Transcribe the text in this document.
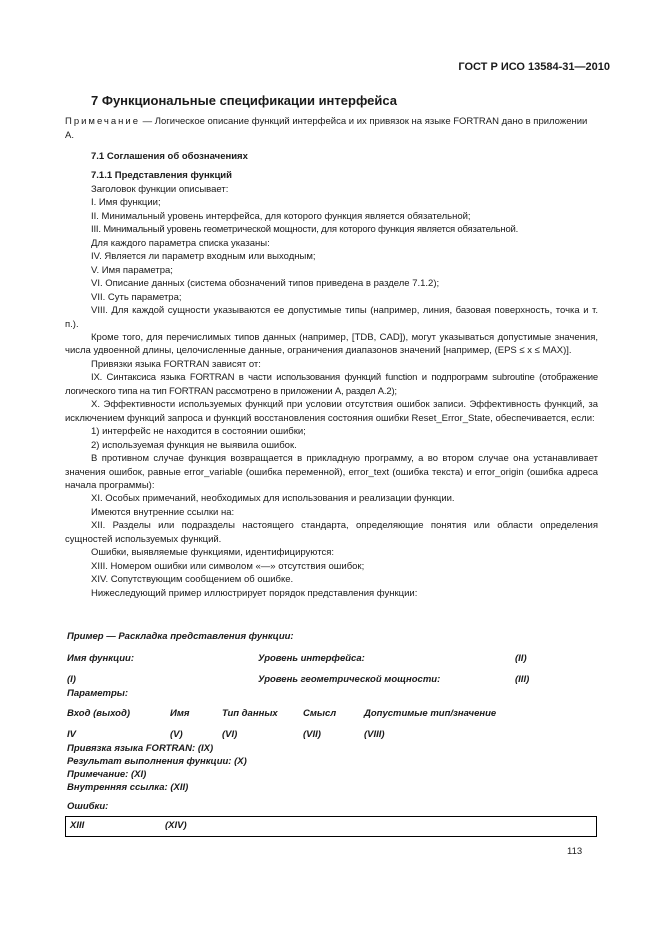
ГОСТ Р ИСО 13584-31—2010
7 Функциональные спецификации интерфейса
Примечание — Логическое описание функций интерфейса и их привязок на языке FORTRAN дано в приложении А.
7.1 Соглашения об обозначениях
7.1.1 Представления функций

Заголовок функции описывает:

I. Имя функции;

II. Минимальный уровень интерфейса, для которого функция является обязательной;

III. Минимальный уровень геометрической мощности, для которого функция является обязательной.

Для каждого параметра списка указаны:

IV. Является ли параметр входным или выходным;

V. Имя параметра;

VI. Описание данных (система обозначений типов приведена в разделе 7.1.2);

VII. Суть параметра;

VIII. Для каждой сущности указываются ее допустимые типы (например, линия, базовая поверхность, точка и т. п.).

Кроме того, для перечислимых типов данных (например, [TDB, CAD]), могут указываться допустимые значения, числа удвоенной длины, целочисленные данные, ограничения диапазонов значений [например, (EPS ≤ x ≤ MAX)].

Привязки языка FORTRAN зависят от:

IX. Синтаксиса языка FORTRAN в части использования функций function и подпрограмм subroutine (отображение логического типа на тип FORTRAN рассмотрено в приложении А, раздел А.2);

X. Эффективности используемых функций при условии отсутствия ошибок записи. Эффективность функций, за исключением функций запроса и функций восстановления состояния ошибки Reset_Error_State, обеспечивается, если:

1) интерфейс не находится в состоянии ошибки;

2) используемая функция не выявила ошибок.

В противном случае функция возвращается в прикладную программу, а во втором случае она устанавливает значения ошибок, равные error_variable (ошибка переменной), error_text (ошибка текста) и error_origin (ошибка адреса начала программы):

XI. Особых примечаний, необходимых для использования и реализации функции.

Имеются внутренние ссылки на:

XII. Разделы или подразделы настоящего стандарта, определяющие понятия или области определения сущностей используемых функций.

Ошибки, выявляемые функциями, идентифицируются:

XIII. Номером ошибки или символом «—» отсутствия ошибок;

XIV. Сопутствующим сообщением об ошибке.

Нижеследующий пример иллюстрирует порядок представления функции:

Пример — Раскладка представления функции:
Имя функции:	Уровень интерфейса:	(II)
(I)	Уровень геометрической мощности:	(III)
Параметры:
Вход (выход)	Имя	Тип данных	Смысл	Допустимые тип/значение
IV	(V)	(VI)	(VII)	(VIII)
Привязка языка FORTRAN: (IX)
Результат выполнения функции: (X)
Примечание: (XI)
Внутренняя ссылка: (XII)
Ошибки:
XIII	(XIV)
113
